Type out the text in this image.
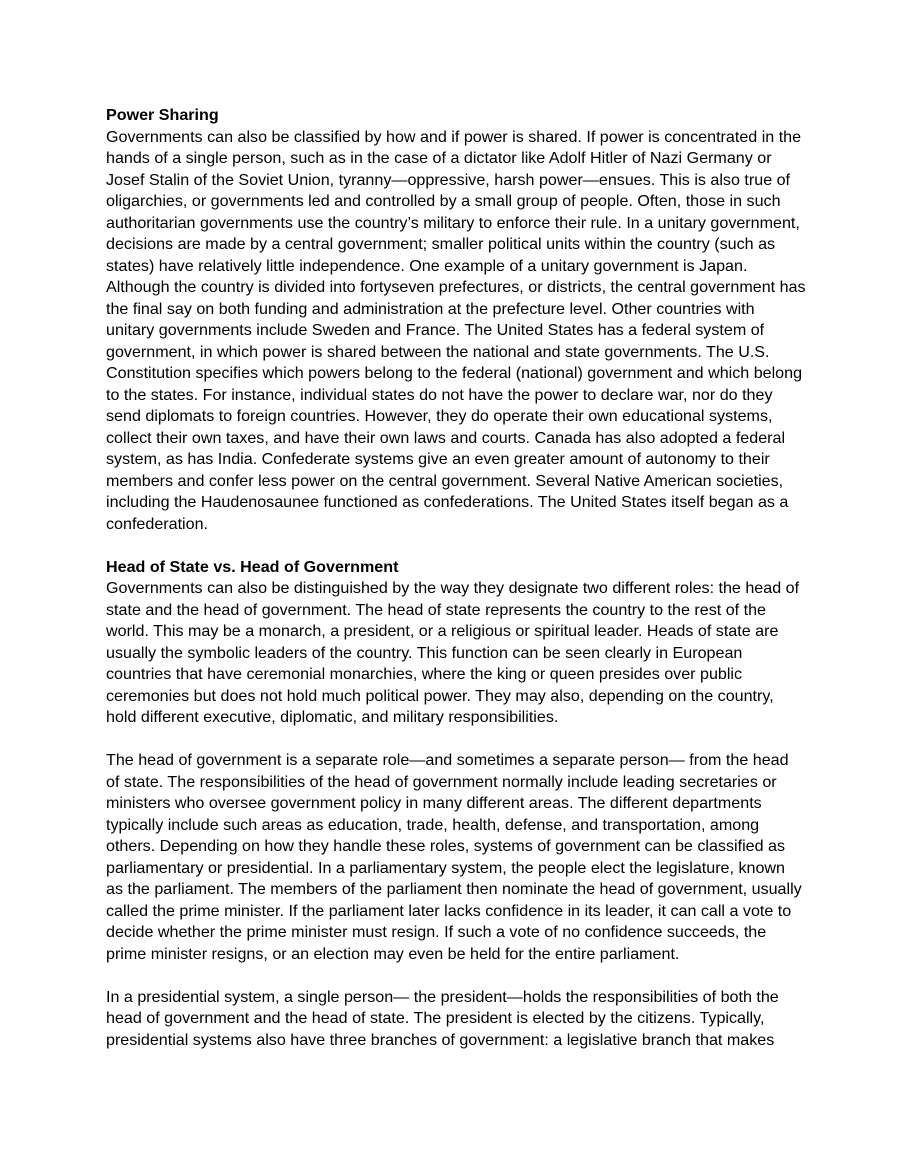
Power Sharing

Governments can also be classified by how and if power is shared. If power is concentrated in the hands of a single person, such as in the case of a dictator like Adolf Hitler of Nazi Germany or Josef Stalin of the Soviet Union, tyranny—oppressive, harsh power—ensues. This is also true of oligarchies, or governments led and controlled by a small group of people. Often, those in such authoritarian governments use the country’s military to enforce their rule. In a unitary government, decisions are made by a central government; smaller political units within the country (such as states) have relatively little independence. One example of a unitary government is Japan. Although the country is divided into fortyseven prefectures, or districts, the central government has the final say on both funding and administration at the prefecture level. Other countries with unitary governments include Sweden and France. The United States has a federal system of government, in which power is shared between the national and state governments. The U.S. Constitution specifies which powers belong to the federal (national) government and which belong to the states. For instance, individual states do not have the power to declare war, nor do they send diplomats to foreign countries. However, they do operate their own educational systems, collect their own taxes, and have their own laws and courts. Canada has also adopted a federal system, as has India. Confederate systems give an even greater amount of autonomy to their members and confer less power on the central government. Several Native American societies, including the Haudenosaunee functioned as confederations. The United States itself began as a confederation.

Head of State vs. Head of Government

Governments can also be distinguished by the way they designate two different roles: the head of state and the head of government. The head of state represents the country to the rest of the world. This may be a monarch, a president, or a religious or spiritual leader. Heads of state are usually the symbolic leaders of the country. This function can be seen clearly in European countries that have ceremonial monarchies, where the king or queen presides over public ceremonies but does not hold much political power. They may also, depending on the country, hold different executive, diplomatic, and military responsibilities.

The head of government is a separate role—and sometimes a separate person— from the head of state. The responsibilities of the head of government normally include leading secretaries or ministers who oversee government policy in many different areas. The different departments typically include such areas as education, trade, health, defense, and transportation, among others. Depending on how they handle these roles, systems of government can be classified as parliamentary or presidential. In a parliamentary system, the people elect the legislature, known as the parliament. The members of the parliament then nominate the head of government, usually called the prime minister. If the parliament later lacks confidence in its leader, it can call a vote to decide whether the prime minister must resign. If such a vote of no confidence succeeds, the prime minister resigns, or an election may even be held for the entire parliament.

In a presidential system, a single person— the president—holds the responsibilities of both the head of government and the head of state. The president is elected by the citizens. Typically, presidential systems also have three branches of government: a legislative branch that makes
